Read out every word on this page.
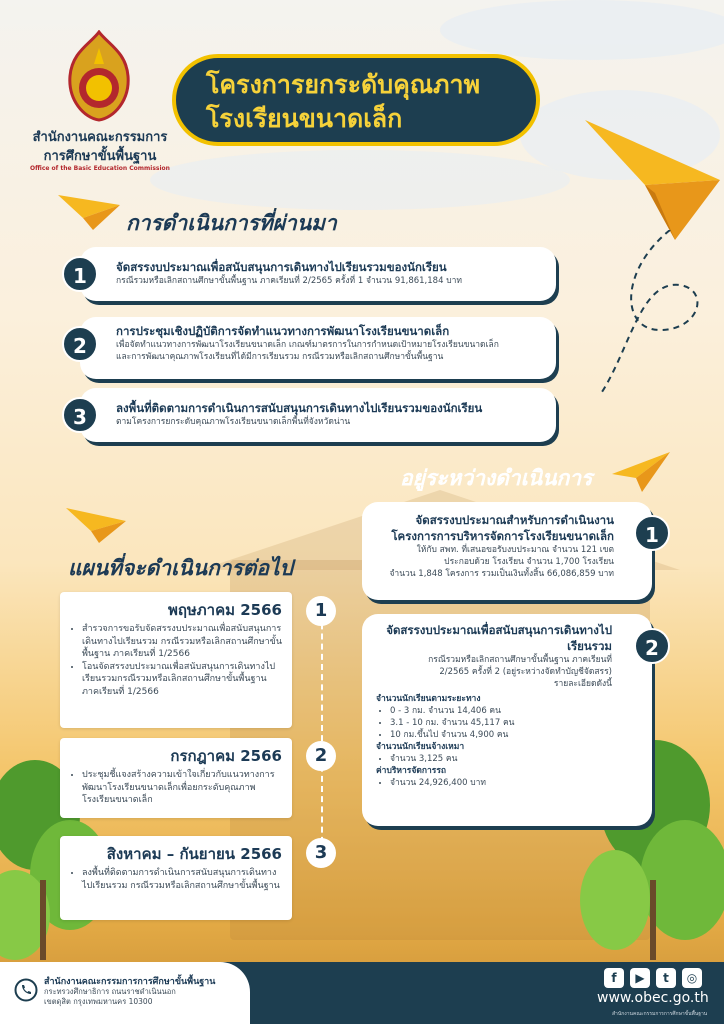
สำนักงานคณะกรรมการ
การศึกษาขั้นพื้นฐาน
Office of the Basic Education Commission
โครงการยกระดับคุณภาพ
โรงเรียนขนาดเล็ก
การดำเนินการที่ผ่านมา
จัดสรรงบประมาณเพื่อสนับสนุนการเดินทางไปเรียนรวมของนักเรียน
กรณีรวมหรือเลิกสถานศึกษาขั้นพื้นฐาน ภาคเรียนที่ 2/2565 ครั้งที่ 1 จำนวน 91,861,184 บาท
1
การประชุมเชิงปฏิบัติการจัดทำแนวทางการพัฒนาโรงเรียนขนาดเล็ก
เพื่อจัดทำแนวทางการพัฒนาโรงเรียนขนาดเล็ก เกณฑ์มาตรการในการกำหนดเป้าหมายโรงเรียนขนาดเล็ก
และการพัฒนาคุณภาพโรงเรียนที่ได้มีการเรียนรวม กรณีรวมหรือเลิกสถานศึกษาขั้นพื้นฐาน
2
ลงพื้นที่ติดตามการดำเนินการสนับสนุนการเดินทางไปเรียนรวมของนักเรียน
ตามโครงการยกระดับคุณภาพโรงเรียนขนาดเล็กพื้นที่จังหวัดน่าน
3
อยู่ระหว่างดำเนินการ
จัดสรรงบประมาณสำหรับการดำเนินงาน
โครงการการบริหารจัดการโรงเรียนขนาดเล็ก
ให้กับ สพท. ที่เสนอขอรับงบประมาณ จำนวน 121 เขต
ประกอบด้วย โรงเรียน จำนวน 1,700 โรงเรียน
จำนวน 1,848 โครงการ รวมเป็นเงินทั้งสิ้น 66,086,859 บาท
1
จัดสรรงบประมาณเพื่อสนับสนุนการเดินทางไป
เรียนรวม
กรณีรวมหรือเลิกสถานศึกษาขั้นพื้นฐาน ภาคเรียนที่
2/2565 ครั้งที่ 2 (อยู่ระหว่างจัดทำบัญชีจัดสรร)
รายละเอียดดังนี้
จำนวนนักเรียนตามระยะทาง
• 0 - 3 กม. จำนวน 14,406 คน
• 3.1 - 10 กม. จำนวน 45,117 คน
• 10 กม.ขึ้นไป จำนวน 4,900 คน
จำนวนนักเรียนจ้างเหมา
• จำนวน 3,125 คน
ค่าบริหารจัดการรถ
• จำนวน 24,926,400 บาท
2
แผนที่จะดำเนินการต่อไป
1
2
3
พฤษภาคม 2566
• สำรวจการขอรับจัดสรรงบประมาณเพื่อสนับสนุนการเดินทางไปเรียนรวม กรณีรวมหรือเลิกสถานศึกษาขั้นพื้นฐาน ภาคเรียนที่ 1/2566
• โอนจัดสรรงบประมาณเพื่อสนับสนุนการเดินทางไปเรียนรวมกรณีรวมหรือเลิกสถานศึกษาขั้นพื้นฐาน ภาคเรียนที่ 1/2566
กรกฎาคม 2566
• ประชุมชี้แจงสร้างความเข้าใจเกี่ยวกับแนวทางการพัฒนาโรงเรียนขนาดเล็กเพื่อยกระดับคุณภาพโรงเรียนขนาดเล็ก
สิงหาคม – กันยายน 2566
• ลงพื้นที่ติดตามการดำเนินการสนับสนุนการเดินทางไปเรียนรวม กรณีรวมหรือเลิกสถานศึกษาขั้นพื้นฐาน
สำนักงานคณะกรรมการการศึกษาขั้นพื้นฐาน
กระทรวงศึกษาธิการ ถนนราชดำเนินนอก
เขตดุสิต กรุงเทพมหานคร 10300
f	▶	t	◎
www.obec.go.th
สำนักงานคณะกรรมการการศึกษาขั้นพื้นฐาน
